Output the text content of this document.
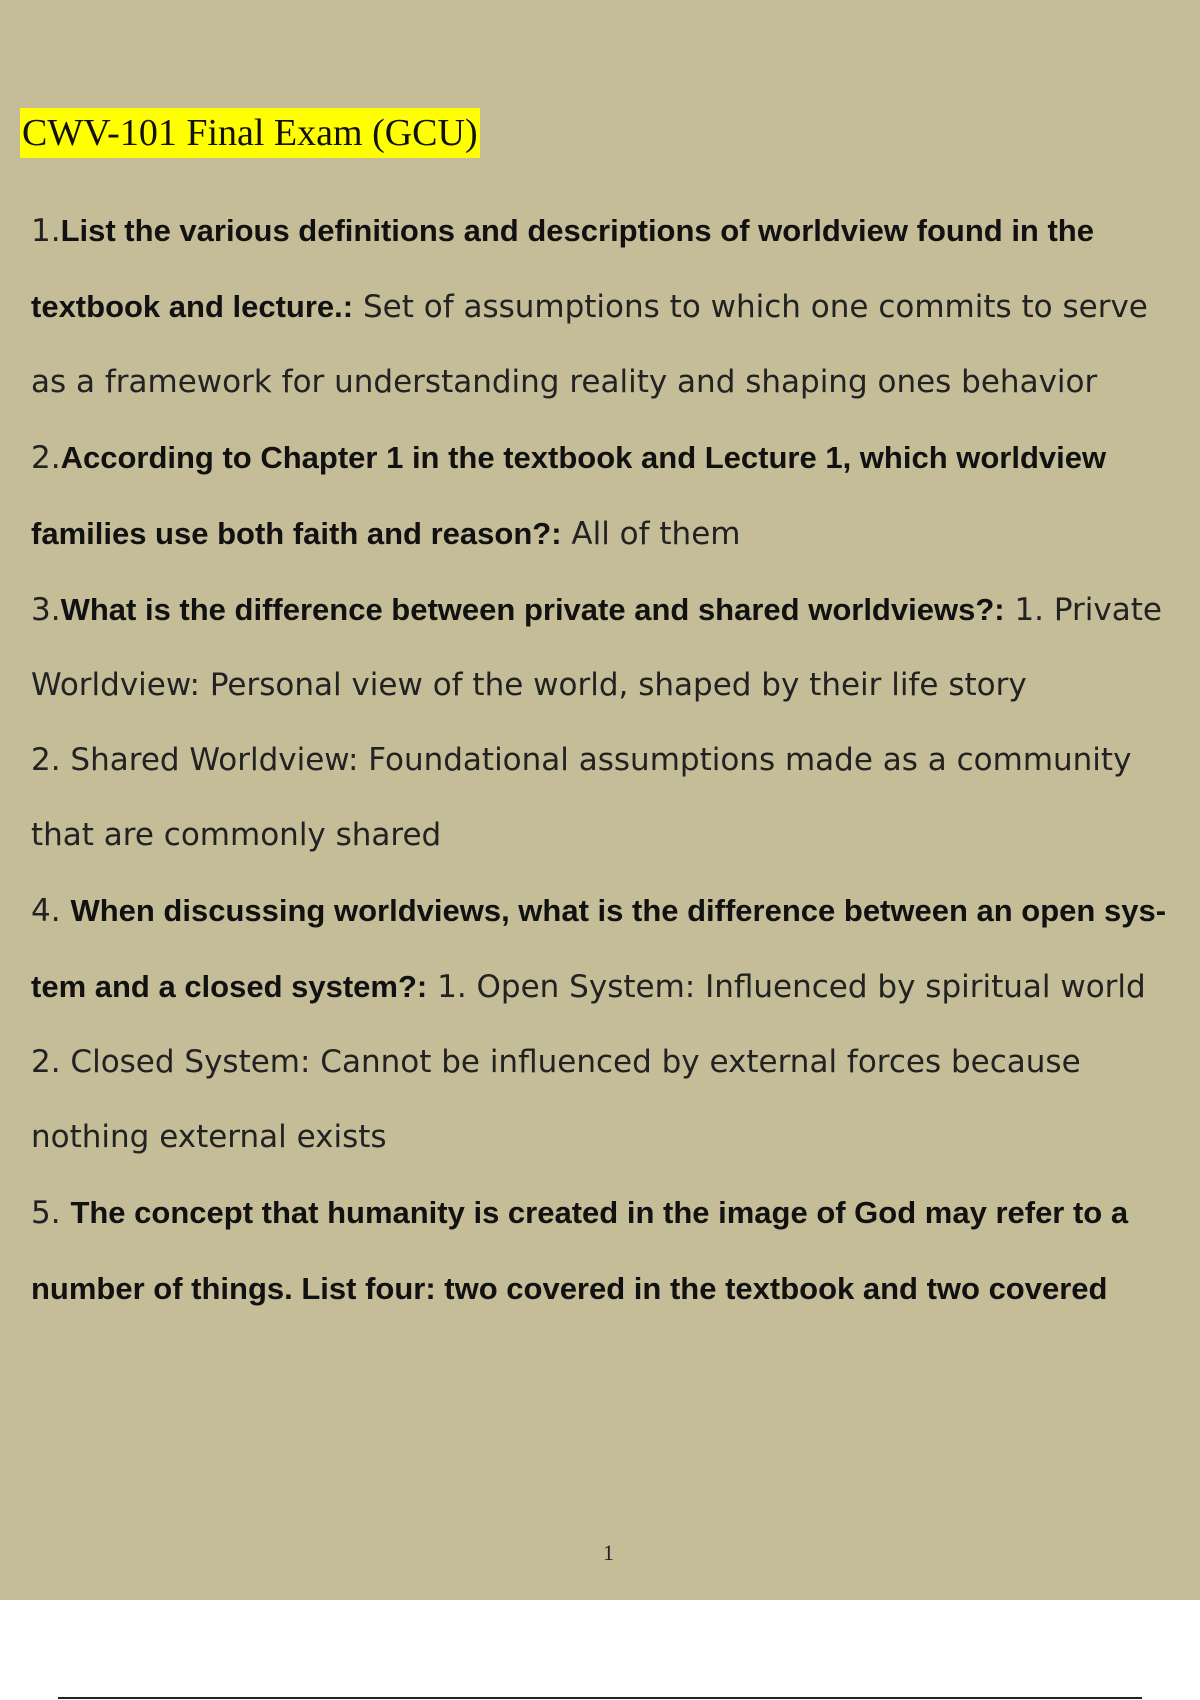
CWV-101 Final Exam (GCU)

1.List the various definitions and descriptions of worldview found in the textbook and lecture.: Set of assumptions to which one commits to serve as a framework for understanding reality and shaping ones behavior

2.According to Chapter 1 in the textbook and Lecture 1, which worldview families use both faith and reason?: All of them

3.What is the difference between private and shared worldviews?: 1. Private Worldview: Personal view of the world, shaped by their life story

2. Shared Worldview: Foundational assumptions made as a community that are commonly shared

4. When discussing worldviews, what is the difference between an open sys- tem and a closed system?: 1. Open System: Influenced by spiritual world

2. Closed System: Cannot be influenced by external forces because nothing external exists

5. The concept that humanity is created in the image of God may refer to a number of things. List four: two covered in the textbook and two covered

1
